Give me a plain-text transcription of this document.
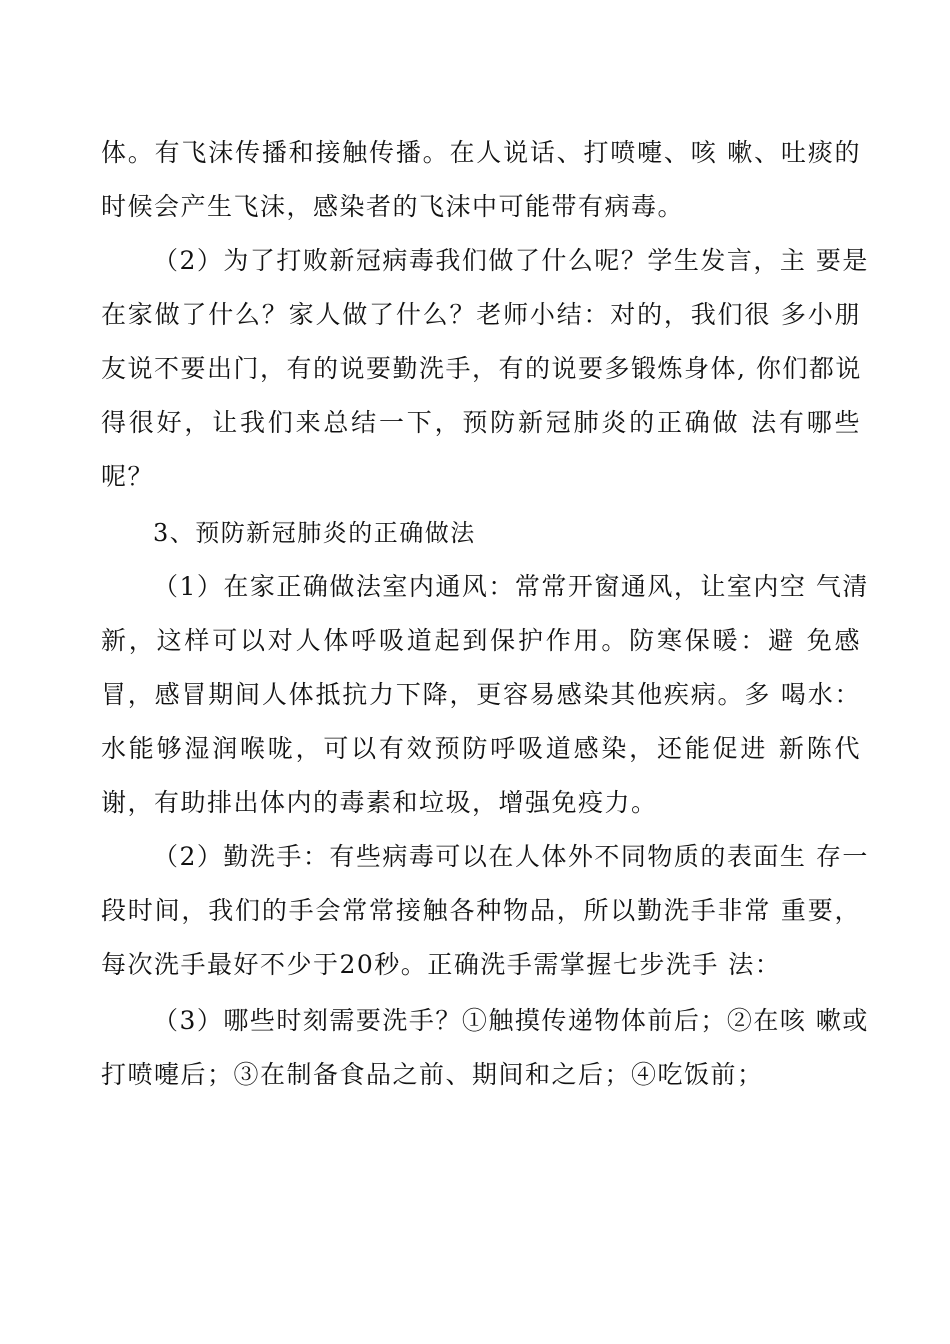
体。有飞沫传播和接触传播。在人说话、打喷嚏、咳 嗽、吐痰的
时候会产生飞沫，感染者的飞沫中可能带有病毒。
（2）为了打败新冠病毒我们做了什么呢？学生发言，主 要是
在家做了什么？家人做了什么？老师小结：对的，我们很 多小朋
友说不要出门，有的说要勤洗手，有的说要多锻炼身体, 你们都说
得很好，让我们来总结一下，预防新冠肺炎的正确做 法有哪些
呢？
3、预防新冠肺炎的正确做法
（1）在家正确做法室内通风：常常开窗通风，让室内空 气清
新，这样可以对人体呼吸道起到保护作用。防寒保暖：避 免感
冒，感冒期间人体抵抗力下降，更容易感染其他疾病。多 喝水：
水能够湿润喉咙，可以有效预防呼吸道感染，还能促进 新陈代
谢，有助排出体内的毒素和垃圾，增强免疫力。
（2）勤洗手：有些病毒可以在人体外不同物质的表面生 存一
段时间，我们的手会常常接触各种物品，所以勤洗手非常 重要，
每次洗手最好不少于20秒。正确洗手需掌握七步洗手 法：
（3）哪些时刻需要洗手？①触摸传递物体前后；②在咳 嗽或
打喷嚏后；③在制备食品之前、期间和之后；④吃饭前；
